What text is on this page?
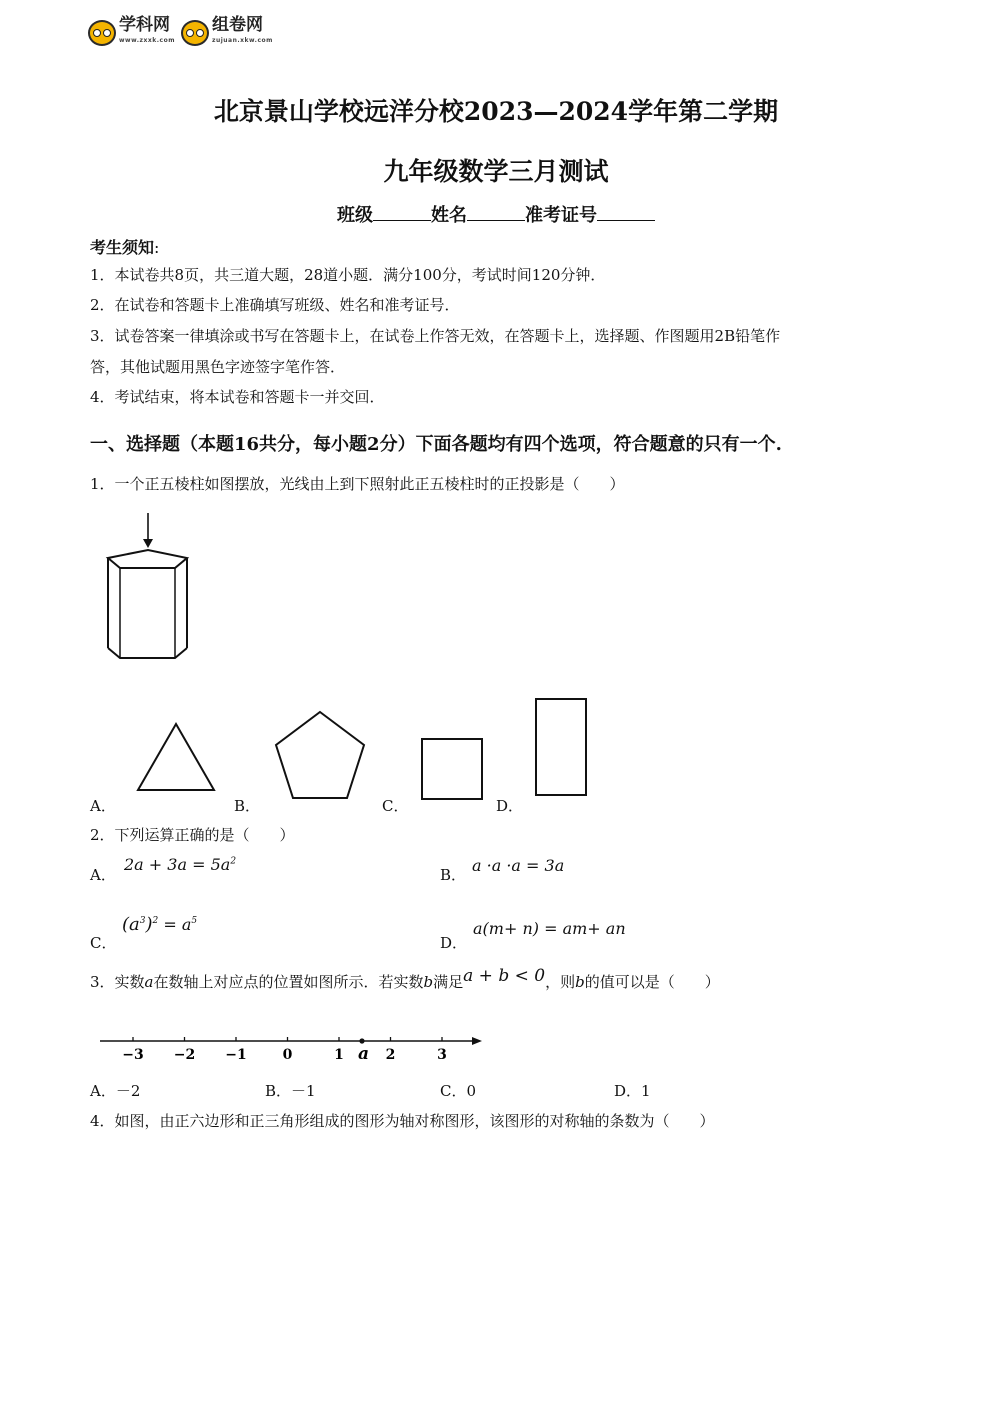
学科网
www.zxxk.com
组卷网
zujuan.xkw.com
北京景山学校远洋分校2023—2024学年第二学期
九年级数学三月测试
班级	姓名	准考证号
考生须知:
1．本试卷共8页，共三道大题，28道小题．满分100分，考试时间120分钟．
2．在试卷和答题卡上准确填写班级、姓名和准考证号．
3．试卷答案一律填涂或书写在答题卡上，在试卷上作答无效，在答题卡上，选择题、作图题用2B铅笔作
答，其他试题用黑色字迹签字笔作答．
4．考试结束，将本试卷和答题卡一并交回．
一、选择题（本题16共分，每小题2分）下面各题均有四个选项，符合题意的只有一个.
1．一个正五棱柱如图摆放，光线由上到下照射此正五棱柱时的正投影是（　　）
A．	B．	C．	D．
2．下列运算正确的是（　　）
A．
$2a + 3a = 5a^2$
B． a ·a ·a = 3a
C．
$(a^3)^2 = a^5$
D．
a(m+ n) = am+ an
3．实数a在数轴上对应点的位置如图所示．若实数b满足a + b < 0，则b的值可以是（　　）
−3 −2 −1	0	1	2	3
a
A．－2	B．－1	C．0	D．1
4．如图，由正六边形和正三角形组成的图形为轴对称图形，该图形的对称轴的条数为（　　）
